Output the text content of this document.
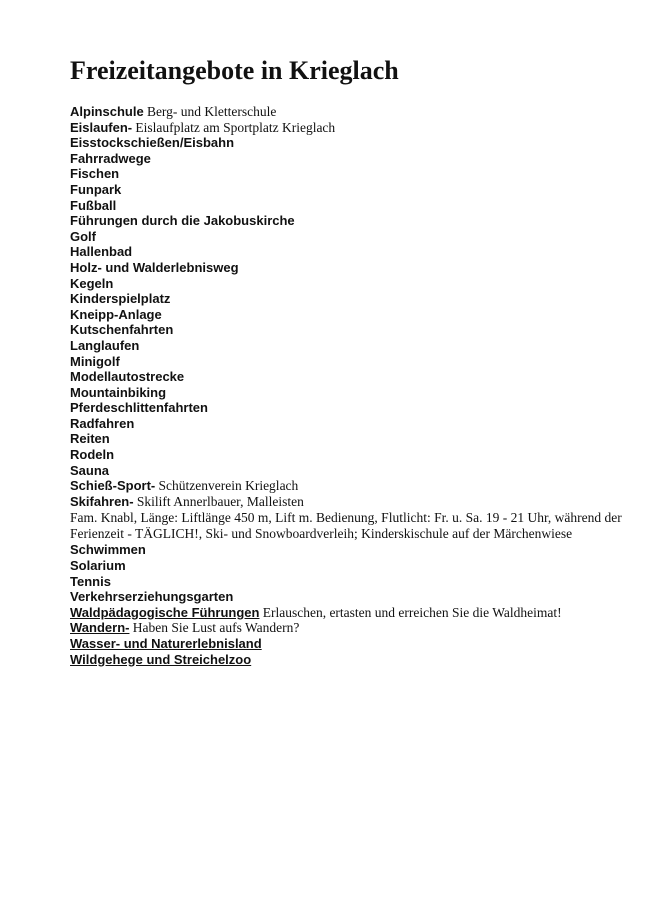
Freizeitangebote in Krieglach
Alpinschule Berg- und Kletterschule
Eislaufen- Eislaufplatz am Sportplatz Krieglach
Eisstockschießen/Eisbahn
Fahrradwege
Fischen
Funpark
Fußball
Führungen durch die Jakobuskirche
Golf
Hallenbad
Holz- und Walderlebnisweg
Kegeln
Kinderspielplatz
Kneipp-Anlage
Kutschenfahrten
Langlaufen
Minigolf
Modellautostrecke
Mountainbiking
Pferdeschlittenfahrten
Radfahren
Reiten
Rodeln
Sauna
Schieß-Sport- Schützenverein Krieglach
Skifahren- Skilift Annerlbauer, Malleisten

Fam. Knabl, Länge: Liftlänge 450 m, Lift m. Bedienung, Flutlicht: Fr. u. Sa. 19 - 21 Uhr, während der Ferienzeit - TÄGLICH!, Ski- und Snowboardverleih; Kinderskischule auf der Märchenwiese

Schwimmen
Solarium
Tennis
Verkehrserziehungsgarten
Waldpädagogische Führungen Erlauschen, ertasten und erreichen Sie die Waldheimat!
Wandern- Haben Sie Lust aufs Wandern?
Wasser- und Naturerlebnisland
Wildgehege und Streichelzoo
